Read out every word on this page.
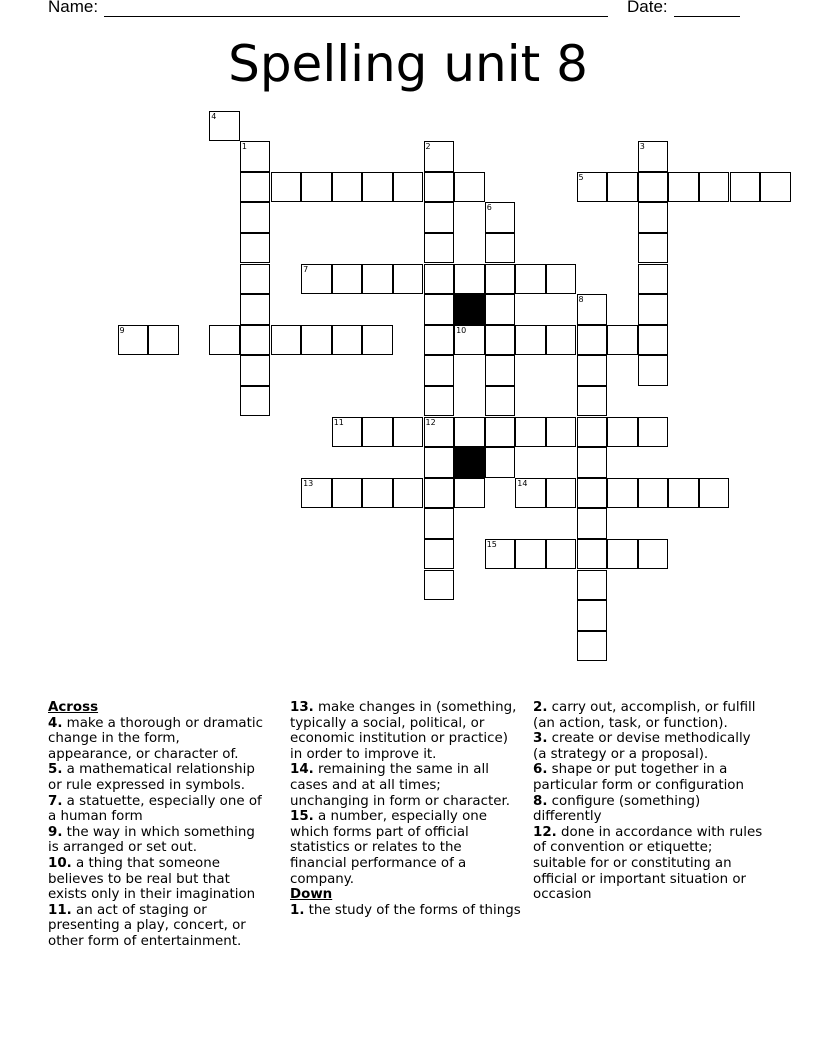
Name:	Date:
Spelling unit 8
1
4
2	3
5
6
7
8
9	10
11	12
13	14
15
Across
4. make a thorough or dramatic change in the form, appearance, or character of.
5. a mathematical relationship or rule expressed in symbols.
7. a statuette, especially one of a human form
9. the way in which something is arranged or set out.
10. a thing that someone believes to be real but that exists only in their imagination
11. an act of staging or presenting a play, concert, or other form of entertainment.
13. make changes in (something, typically a social, political, or economic institution or practice) in order to improve it.
14. remaining the same in all cases and at all times; unchanging in form or character.
15. a number, especially one which forms part of official statistics or relates to the financial performance of a company.
Down
1. the study of the forms of things
2. carry out, accomplish, or fulfill (an action, task, or function).
3. create or devise methodically (a strategy or a proposal).
6. shape or put together in a particular form or configuration
8. configure (something) differently
12. done in accordance with rules of convention or etiquette; suitable for or constituting an official or important situation or occasion
